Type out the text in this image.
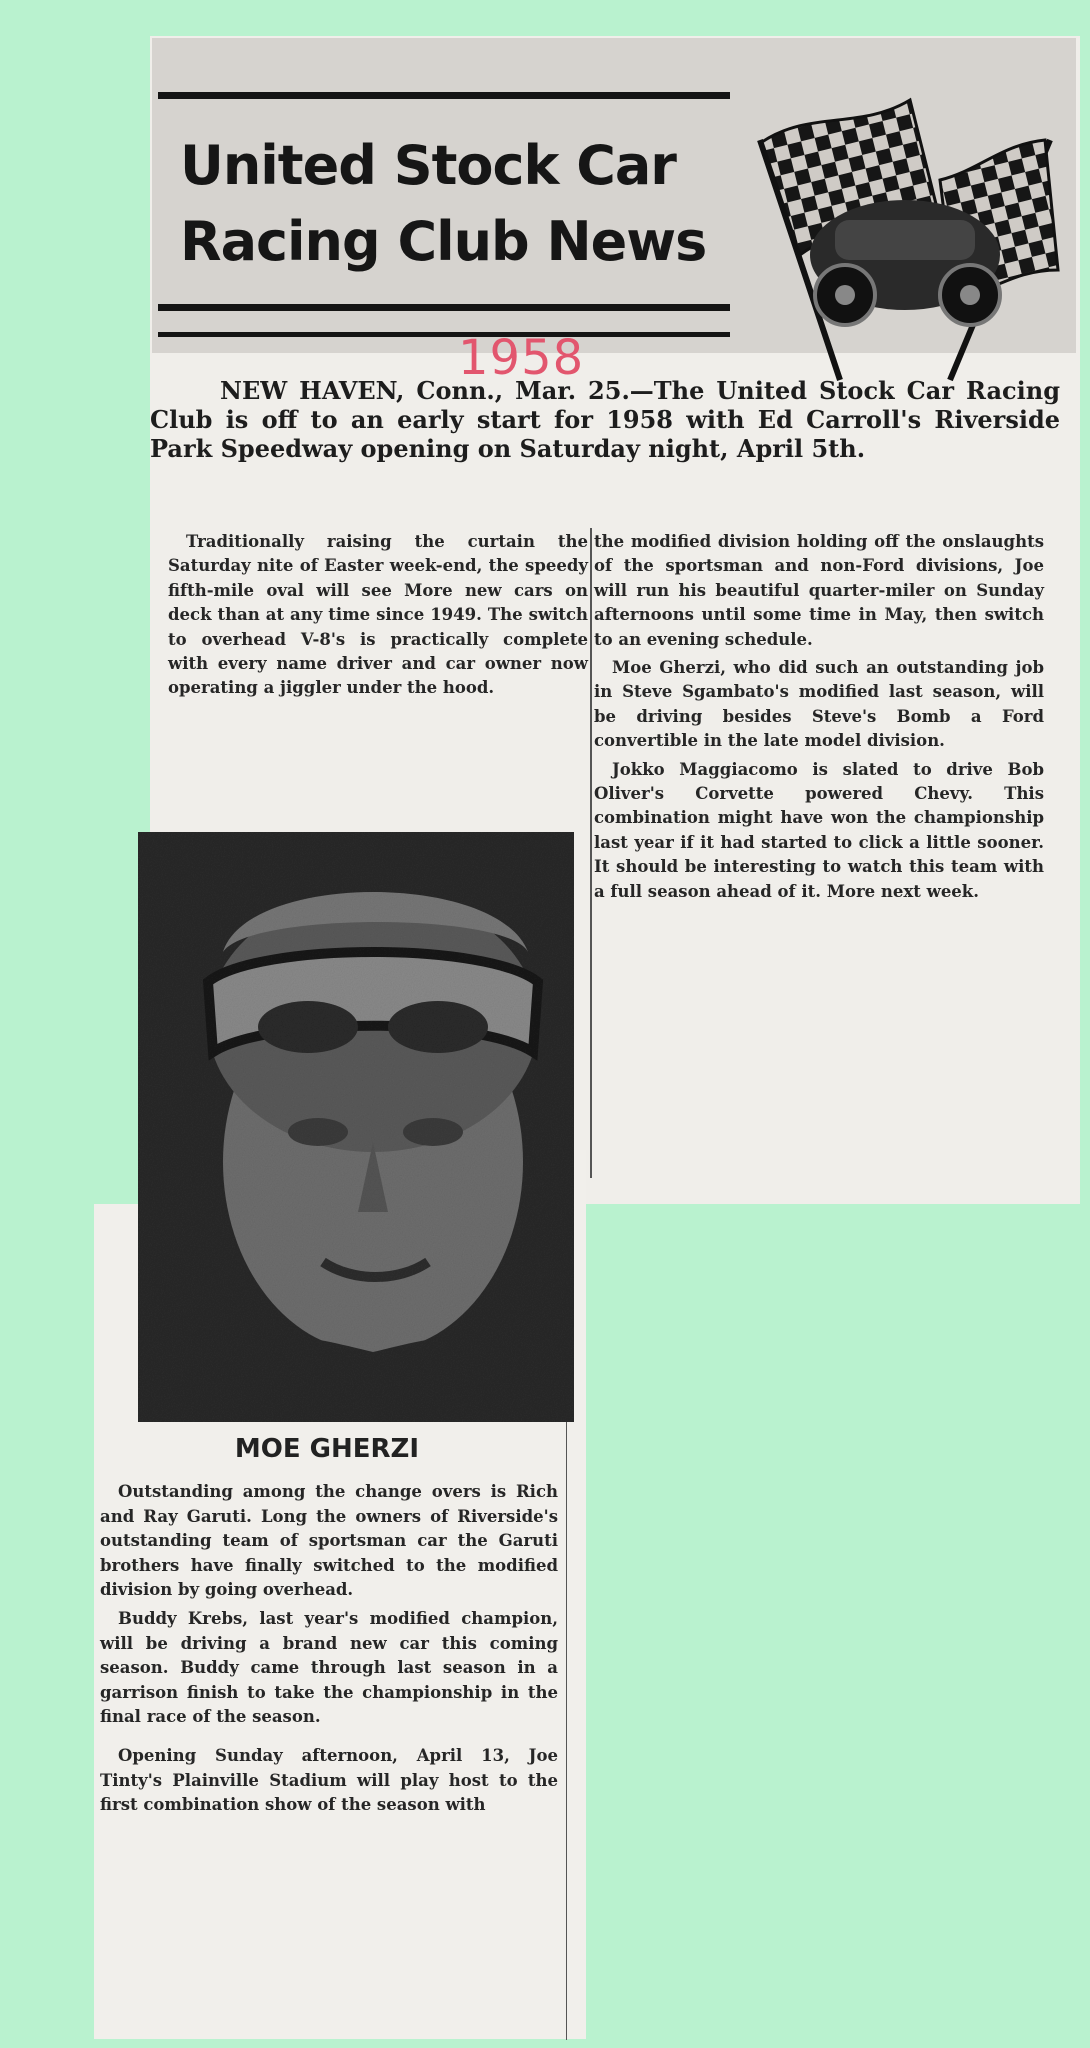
United Stock Car Racing Club News
1958
NEW HAVEN, Conn., Mar. 25.—The United Stock Car Racing Club is off to an early start for 1958 with Ed Carroll's Riverside Park Speedway opening on Saturday night, April 5th.

Traditionally raising the curtain the Saturday nite of Easter week-end, the speedy fifth-mile oval will see More new cars on deck than at any time since 1949. The switch to overhead V-8's is practically complete with every name driver and car owner now operating a jiggler under the hood.

the modified division holding off the onslaughts of the sportsman and non-Ford divisions, Joe will run his beautiful quarter-miler on Sunday afternoons until some time in May, then switch to an evening schedule.

Moe Gherzi, who did such an outstanding job in Steve Sgambato's modified last season, will be driving besides Steve's Bomb a Ford convertible in the late model division.

Jokko Maggiacomo is slated to drive Bob Oliver's Corvette powered Chevy. This combination might have won the championship last year if it had started to click a little sooner. It should be interesting to watch this team with a full season ahead of it. More next week.

MOE GHERZI

Outstanding among the change overs is Rich and Ray Garuti. Long the owners of Riverside's outstanding team of sportsman car the Garuti brothers have finally switched to the modified division by going overhead.

Buddy Krebs, last year's modified champion, will be driving a brand new car this coming season. Buddy came through last season in a garrison finish to take the championship in the final race of the season.

Opening Sunday afternoon, April 13, Joe Tinty's Plainville Stadium will play host to the first combination show of the season with
